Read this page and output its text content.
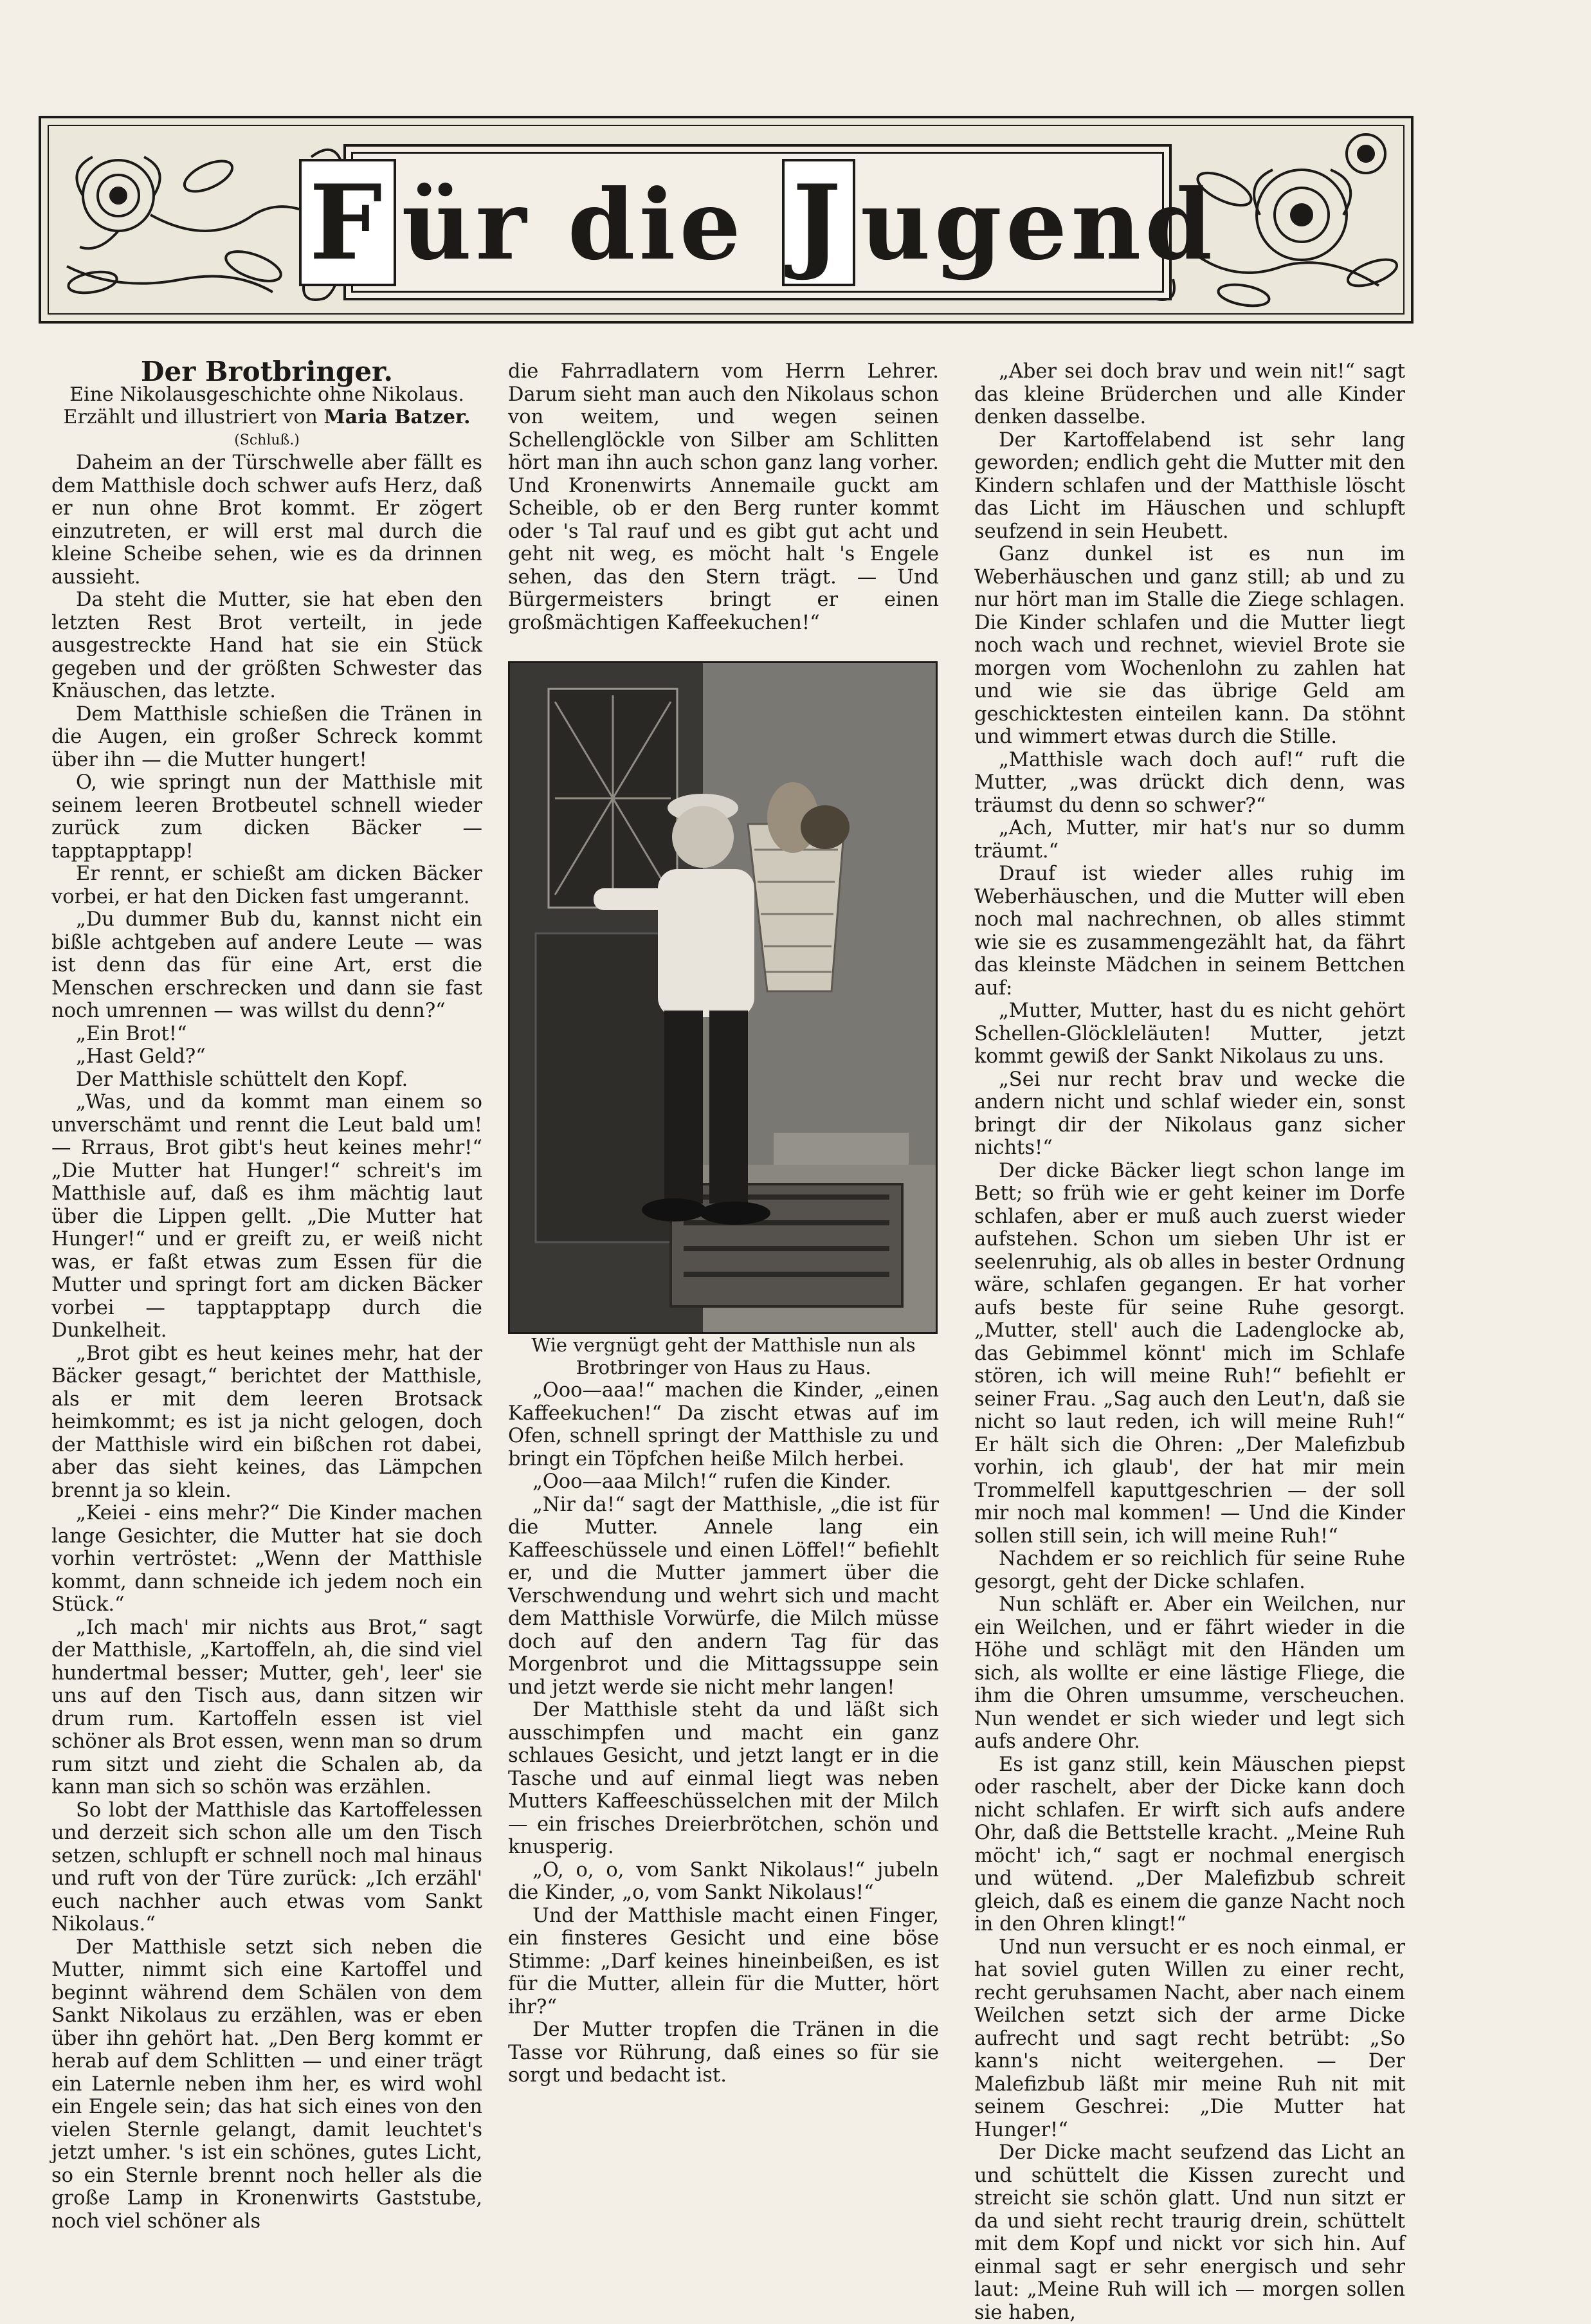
F ür die J ugend

Der Brotbringer.

Eine Nikolausgeschichte ohne Nikolaus.

Erzählt und illustriert von Maria Batzer.

(Schluß.)

Daheim an der Türschwelle aber fällt es dem Matthisle doch schwer aufs Herz, daß er nun ohne Brot kommt. Er zögert einzutreten, er will erst mal durch die kleine Scheibe sehen, wie es da drinnen aussieht.

Da steht die Mutter, sie hat eben den letzten Rest Brot verteilt, in jede ausgestreckte Hand hat sie ein Stück gegeben und der größten Schwester das Knäuschen, das letzte.

Dem Matthisle schießen die Tränen in die Augen, ein großer Schreck kommt über ihn — die Mutter hungert!

O, wie springt nun der Matthisle mit seinem leeren Brotbeutel schnell wieder zurück zum dicken Bäcker — tapptapptapp!

Er rennt, er schießt am dicken Bäcker vorbei, er hat den Dicken fast umgerannt.

„Du dummer Bub du, kannst nicht ein bißle achtgeben auf andere Leute — was ist denn das für eine Art, erst die Menschen erschrecken und dann sie fast noch umrennen — was willst du denn?“

„Ein Brot!“

„Hast Geld?“

Der Matthisle schüttelt den Kopf.

„Was, und da kommt man einem so unverschämt und rennt die Leut bald um! — Rrraus, Brot gibt's heut keines mehr!“ „Die Mutter hat Hunger!“ schreit's im Matthisle auf, daß es ihm mächtig laut über die Lippen gellt. „Die Mutter hat Hunger!“ und er greift zu, er weiß nicht was, er faßt etwas zum Essen für die Mutter und springt fort am dicken Bäcker vorbei — tapptapptapp durch die Dunkelheit.

„Brot gibt es heut keines mehr, hat der Bäcker gesagt,“ berichtet der Matthisle, als er mit dem leeren Brotsack heimkommt; es ist ja nicht gelogen, doch der Matthisle wird ein bißchen rot dabei, aber das sieht keines, das Lämpchen brennt ja so klein.

„Keiei - eins mehr?“ Die Kinder machen lange Gesichter, die Mutter hat sie doch vorhin vertröstet: „Wenn der Matthisle kommt, dann schneide ich jedem noch ein Stück.“

„Ich mach' mir nichts aus Brot,“ sagt der Matthisle, „Kartoffeln, ah, die sind viel hundertmal besser; Mutter, geh', leer' sie uns auf den Tisch aus, dann sitzen wir drum rum. Kartoffeln essen ist viel schöner als Brot essen, wenn man so drum rum sitzt und zieht die Schalen ab, da kann man sich so schön was erzählen.

So lobt der Matthisle das Kartoffelessen und derzeit sich schon alle um den Tisch setzen, schlupft er schnell noch mal hinaus und ruft von der Türe zurück: „Ich erzähl' euch nachher auch etwas vom Sankt Nikolaus.“

Der Matthisle setzt sich neben die Mutter, nimmt sich eine Kartoffel und beginnt während dem Schälen von dem Sankt Nikolaus zu erzählen, was er eben über ihn gehört hat. „Den Berg kommt er herab auf dem Schlitten — und einer trägt ein Laternle neben ihm her, es wird wohl ein Engele sein; das hat sich eines von den vielen Sternle gelangt, damit leuchtet's jetzt umher. 's ist ein schönes, gutes Licht, so ein Sternle brennt noch heller als die große Lamp in Kronenwirts Gaststube, noch viel schöner als

die Fahrradlatern vom Herrn Lehrer. Darum sieht man auch den Nikolaus schon von weitem, und wegen seinen Schellenglöckle von Silber am Schlitten hört man ihn auch schon ganz lang vorher. Und Kronenwirts Annemaile guckt am Scheible, ob er den Berg runter kommt oder 's Tal rauf und es gibt gut acht und geht nit weg, es möcht halt 's Engele sehen, das den Stern trägt. — Und Bürgermeisters bringt er einen großmächtigen Kaffeekuchen!“

Wie vergnügt geht der Matthisle nun als Brotbringer von Haus zu Haus.

„Ooo—aaa!“ machen die Kinder, „einen Kaffeekuchen!“ Da zischt etwas auf im Ofen, schnell springt der Matthisle zu und bringt ein Töpfchen heiße Milch herbei.

„Ooo—aaa Milch!“ rufen die Kinder.

„Nir da!“ sagt der Matthisle, „die ist für die Mutter. Annele lang ein Kaffeeschüssele und einen Löffel!“ befiehlt er, und die Mutter jammert über die Verschwendung und wehrt sich und macht dem Matthisle Vorwürfe, die Milch müsse doch auf den andern Tag für das Morgenbrot und die Mittagssuppe sein und jetzt werde sie nicht mehr langen!

Der Matthisle steht da und läßt sich ausschimpfen und macht ein ganz schlaues Gesicht, und jetzt langt er in die Tasche und auf einmal liegt was neben Mutters Kaffeeschüsselchen mit der Milch — ein frisches Dreierbrötchen, schön und knusperig.

„O, o, o, vom Sankt Nikolaus!“ jubeln die Kinder, „o, vom Sankt Nikolaus!“

Und der Matthisle macht einen Finger, ein finsteres Gesicht und eine böse Stimme: „Darf keines hineinbeißen, es ist für die Mutter, allein für die Mutter, hört ihr?“

Der Mutter tropfen die Tränen in die Tasse vor Rührung, daß eines so für sie sorgt und bedacht ist.

„Aber sei doch brav und wein nit!“ sagt das kleine Brüderchen und alle Kinder denken dasselbe.

Der Kartoffelabend ist sehr lang geworden; endlich geht die Mutter mit den Kindern schlafen und der Matthisle löscht das Licht im Häuschen und schlupft seufzend in sein Heubett.

Ganz dunkel ist es nun im Weberhäuschen und ganz still; ab und zu nur hört man im Stalle die Ziege schlagen. Die Kinder schlafen und die Mutter liegt noch wach und rechnet, wieviel Brote sie morgen vom Wochenlohn zu zahlen hat und wie sie das übrige Geld am geschicktesten einteilen kann. Da stöhnt und wimmert etwas durch die Stille.

„Matthisle wach doch auf!“ ruft die Mutter, „was drückt dich denn, was träumst du denn so schwer?“

„Ach, Mutter, mir hat's nur so dumm träumt.“

Drauf ist wieder alles ruhig im Weberhäuschen, und die Mutter will eben noch mal nachrechnen, ob alles stimmt wie sie es zusammengezählt hat, da fährt das kleinste Mädchen in seinem Bettchen auf:

„Mutter, Mutter, hast du es nicht gehört Schellen-Glöckleläuten! Mutter, jetzt kommt gewiß der Sankt Nikolaus zu uns.

„Sei nur recht brav und wecke die andern nicht und schlaf wieder ein, sonst bringt dir der Nikolaus ganz sicher nichts!“

Der dicke Bäcker liegt schon lange im Bett; so früh wie er geht keiner im Dorfe schlafen, aber er muß auch zuerst wieder aufstehen. Schon um sieben Uhr ist er seelenruhig, als ob alles in bester Ordnung wäre, schlafen gegangen. Er hat vorher aufs beste für seine Ruhe gesorgt. „Mutter, stell' auch die Ladenglocke ab, das Gebimmel könnt' mich im Schlafe stören, ich will meine Ruh!“ befiehlt er seiner Frau. „Sag auch den Leut'n, daß sie nicht so laut reden, ich will meine Ruh!“ Er hält sich die Ohren: „Der Malefizbub vorhin, ich glaub', der hat mir mein Trommelfell kaputtgeschrien — der soll mir noch mal kommen! — Und die Kinder sollen still sein, ich will meine Ruh!“

Nachdem er so reichlich für seine Ruhe gesorgt, geht der Dicke schlafen.

Nun schläft er. Aber ein Weilchen, nur ein Weilchen, und er fährt wieder in die Höhe und schlägt mit den Händen um sich, als wollte er eine lästige Fliege, die ihm die Ohren umsumme, verscheuchen. Nun wendet er sich wieder und legt sich aufs andere Ohr.

Es ist ganz still, kein Mäuschen piepst oder raschelt, aber der Dicke kann doch nicht schlafen. Er wirft sich aufs andere Ohr, daß die Bettstelle kracht. „Meine Ruh möcht' ich,“ sagt er nochmal energisch und wütend. „Der Malefizbub schreit gleich, daß es einem die ganze Nacht noch in den Ohren klingt!“

Und nun versucht er es noch einmal, er hat soviel guten Willen zu einer recht, recht geruhsamen Nacht, aber nach einem Weilchen setzt sich der arme Dicke aufrecht und sagt recht betrübt: „So kann's nicht weitergehen. — Der Malefizbub läßt mir meine Ruh nit mit seinem Geschrei: „Die Mutter hat Hunger!“

Der Dicke macht seufzend das Licht an und schüttelt die Kissen zurecht und streicht sie schön glatt. Und nun sitzt er da und sieht recht traurig drein, schüttelt mit dem Kopf und nickt vor sich hin. Auf einmal sagt er sehr energisch und sehr laut: „Meine Ruh will ich — morgen sollen sie haben,
